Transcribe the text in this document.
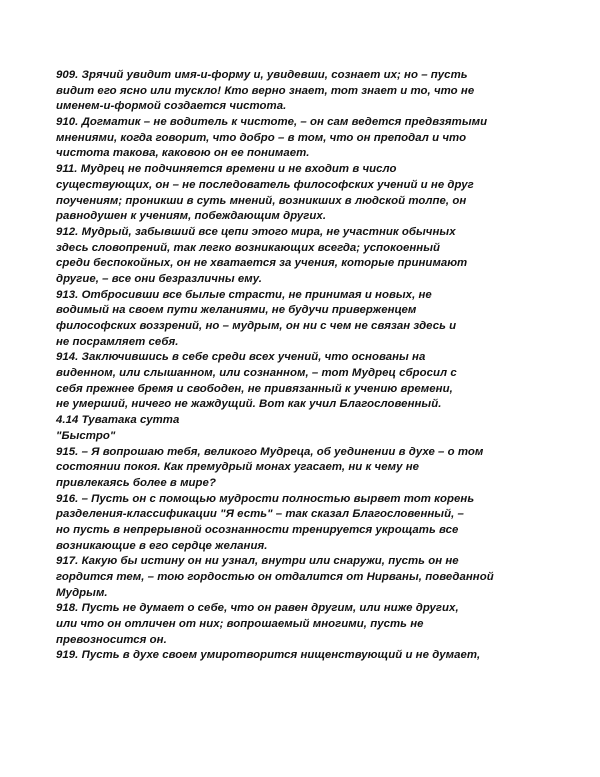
909. Зрячий увидит имя-и-форму и, увидевши, сознает их; но – пусть
видит его ясно или тускло! Кто верно знает, тот знает и то, что не
именем-и-формой создается чистота.
910. Догматик – не водитель к чистоте, – он сам ведется предвзятыми
мнениями, когда говорит, что добро – в том, что он преподал и что
чистота такова, каковою он ее понимает.
911. Мудрец не подчиняется времени и не входит в число
существующих, он – не последователь философских учений и не друг
поучениям; проникши в суть мнений, возникших в людской толпе, он
равнодушен к учениям, побеждающим других.
912. Мудрый, забывший все цепи этого мира, не участник обычных
здесь словопрений, так легко возникающих всегда; успокоенный
среди беспокойных, он не хватается за учения, которые принимают
другие, – все они безразличны ему.
913. Отбросивши все былые страсти, не принимая и новых, не
водимый на своем пути желаниями, не будучи приверженцем
философских воззрений, но – мудрым, он ни с чем не связан здесь и
не посрамляет себя.
914. Заключившись в себе среди всех учений, что основаны на
виденном, или слышанном, или сознанном, – тот Мудрец сбросил с
себя прежнее бремя и свободен, не привязанный к учению времени,
не умерший, ничего не жаждущий. Вот как учил Благословенный.
4.14 Туватака сутта
"Быстро"
915. – Я вопрошаю тебя, великого Мудреца, об уединении в духе – о том
состоянии покоя. Как премудрый монах угасает, ни к чему не
привлекаясь более в мире?
916. – Пусть он с помощью мудрости полностью вырвет тот корень
разделения-классификации "Я есть" – так сказал Благословенный, –
но пусть в непрерывной осознанности тренируется укрощать все
возникающие в его сердце желания.
917. Какую бы истину он ни узнал, внутри или снаружи, пусть он не
гордится тем, – тою гордостью он отдалится от Нирваны, поведанной
Мудрым.
918. Пусть не думает о себе, что он равен другим, или ниже других,
или что он отличен от них; вопрошаемый многими, пусть не
превозносится он.
919. Пусть в духе своем умиротворится нищенствующий и не думает,
